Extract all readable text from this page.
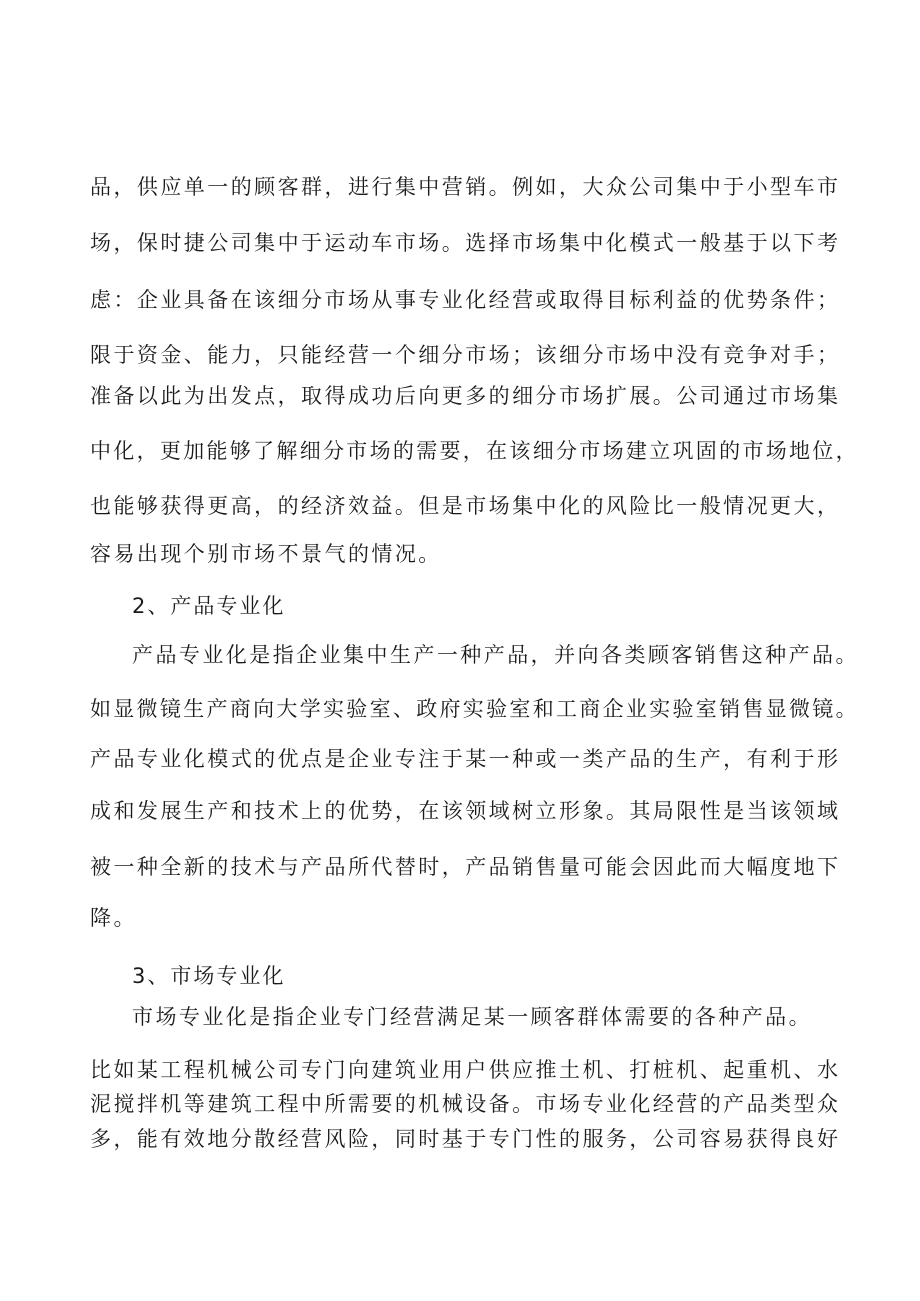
品，供应单一的顾客群，进行集中营销。例如，大众公司集中于小型车市
场，保时捷公司集中于运动车市场。选择市场集中化模式一般基于以下考
虑：企业具备在该细分市场从事专业化经营或取得目标利益的优势条件；
限于资金、能力，只能经营一个细分市场；该细分市场中没有竞争对手；
准备以此为出发点，取得成功后向更多的细分市场扩展。公司通过市场集
中化，更加能够了解细分市场的需要，在该细分市场建立巩固的市场地位，
也能够获得更高，的经济效益。但是市场集中化的风险比一般情况更大，
容易出现个别市场不景气的情况。
2、产品专业化
产品专业化是指企业集中生产一种产品，并向各类顾客销售这种产品。
如显微镜生产商向大学实验室、政府实验室和工商企业实验室销售显微镜。
产品专业化模式的优点是企业专注于某一种或一类产品的生产，有利于形
成和发展生产和技术上的优势，在该领域树立形象。其局限性是当该领域
被一种全新的技术与产品所代替时，产品销售量可能会因此而大幅度地下
降。
3、市场专业化
市场专业化是指企业专门经营满足某一顾客群体需要的各种产品。
比如某工程机械公司专门向建筑业用户供应推土机、打桩机、起重机、水
泥搅拌机等建筑工程中所需要的机械设备。市场专业化经营的产品类型众
多，能有效地分散经营风险，同时基于专门性的服务，公司容易获得良好
